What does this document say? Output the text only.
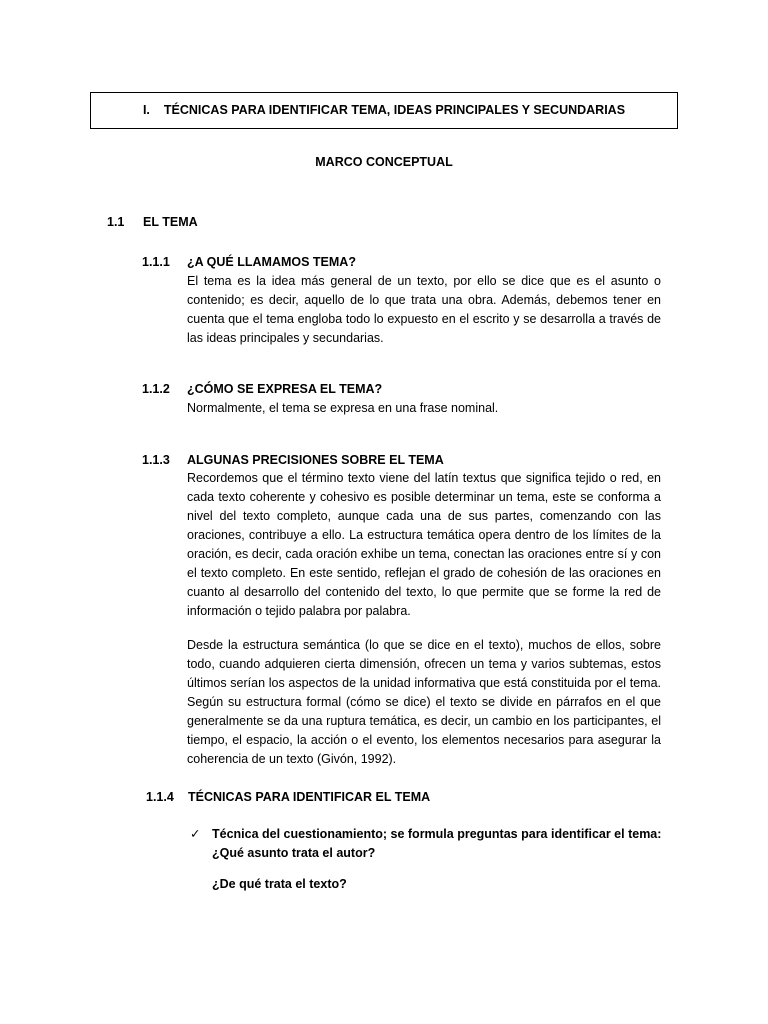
I. TÉCNICAS PARA IDENTIFICAR TEMA, IDEAS PRINCIPALES Y SECUNDARIAS
MARCO CONCEPTUAL
1.1 EL TEMA
1.1.1 ¿A QUÉ LLAMAMOS TEMA?

El tema es la idea más general de un texto, por ello se dice que es el asunto o contenido; es decir, aquello de lo que trata una obra. Además, debemos tener en cuenta que el tema engloba todo lo expuesto en el escrito y se desarrolla a través de las ideas principales y secundarias.

1.1.2 ¿CÓMO SE EXPRESA EL TEMA?

Normalmente, el tema se expresa en una frase nominal.

1.1.3 ALGUNAS PRECISIONES SOBRE EL TEMA

Recordemos que el término texto viene del latín textus que significa tejido o red, en cada texto coherente y cohesivo es posible determinar un tema, este se conforma a nivel del texto completo, aunque cada una de sus partes, comenzando con las oraciones, contribuye a ello. La estructura temática opera dentro de los límites de la oración, es decir, cada oración exhibe un tema, conectan las oraciones entre sí y con el texto completo. En este sentido, reflejan el grado de cohesión de las oraciones en cuanto al desarrollo del contenido del texto, lo que permite que se forme la red de información o tejido palabra por palabra.

Desde la estructura semántica (lo que se dice en el texto), muchos de ellos, sobre todo, cuando adquieren cierta dimensión, ofrecen un tema y varios subtemas, estos últimos serían los aspectos de la unidad informativa que está constituida por el tema. Según su estructura formal (cómo se dice) el texto se divide en párrafos en el que generalmente se da una ruptura temática, es decir, un cambio en los participantes, el tiempo, el espacio, la acción o el evento, los elementos necesarios para asegurar la coherencia de un texto (Givón, 1992).

1.1.4 TÉCNICAS PARA IDENTIFICAR EL TEMA
✓ Técnica del cuestionamiento; se formula preguntas para identificar el tema:
¿Qué asunto trata el autor?
¿De qué trata el texto?
